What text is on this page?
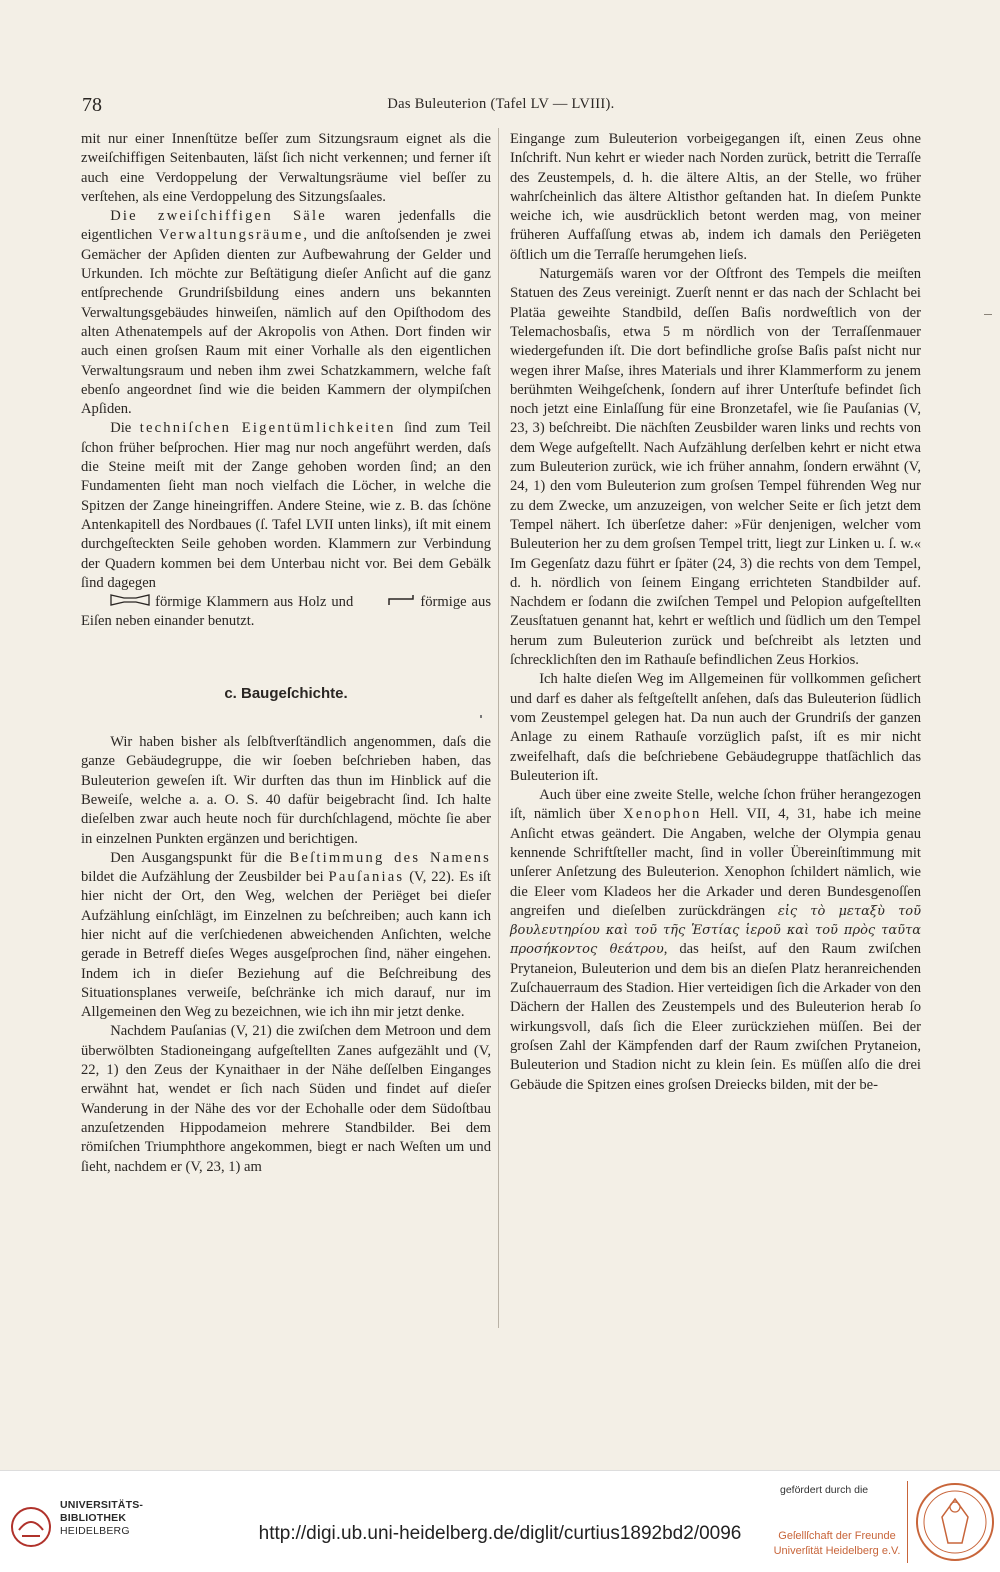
78	Das Buleuterion (Tafel LV — LVIII).

mit nur einer Innenſtütze beſſer zum Sitzungsraum eignet als die zweiſchiffigen Seitenbauten, läſst ſich nicht verkennen; und ferner iſt auch eine Verdoppelung der Verwaltungsräume viel beſſer zu verſtehen, als eine Verdoppelung des Sitzungsſaales.

Die zweiſchiffigen Säle waren jedenfalls die eigentlichen Verwaltungsräume, und die anſtoſsenden je zwei Gemächer der Apſiden dienten zur Aufbewahrung der Gelder und Urkunden. Ich möchte zur Beſtätigung dieſer Anſicht auf die ganz entſprechende Grundriſsbildung eines andern uns bekannten Verwaltungsgebäudes hinweiſen, nämlich auf den Opiſthodom des alten Athenatempels auf der Akropolis von Athen. Dort finden wir auch einen groſsen Raum mit einer Vorhalle als den eigentlichen Verwaltungsraum und neben ihm zwei Schatzkammern, welche faſt ebenſo angeordnet ſind wie die beiden Kammern der olympiſchen Apſiden.

Die techniſchen Eigentümlichkeiten ſind zum Teil ſchon früher beſprochen. Hier mag nur noch angeführt werden, daſs die Steine meiſt mit der Zange gehoben worden ſind; an den Fundamenten ſieht man noch vielfach die Löcher, in welche die Spitzen der Zange hineingriffen. Andere Steine, wie z. B. das ſchöne Antenkapitell des Nordbaues (ſ. Tafel LVII unten links), iſt mit einem durchgeſteckten Seile gehoben worden. Klammern zur Verbindung der Quadern kommen bei dem Unterbau nicht vor. Bei dem Gebälk ſind dagegen
förmige Klammern aus Holz und	förmige aus Eiſen neben einander benutzt.

c. Baugeſchichte.

Wir haben bisher als ſelbſtverſtändlich angenommen, daſs die ganze Gebäudegruppe, die wir ſoeben beſchrieben haben, das Buleuterion geweſen iſt. Wir durften das thun im Hinblick auf die Beweiſe, welche a. a. O. S. 40 dafür beigebracht ſind. Ich halte dieſelben zwar auch heute noch für durchſchlagend, möchte ſie aber in einzelnen Punkten ergänzen und berichtigen.

Den Ausgangspunkt für die Beſtimmung des Namens bildet die Aufzählung der Zeusbilder bei Pauſanias (V, 22). Es iſt hier nicht der Ort, den Weg, welchen der Periëget bei dieſer Aufzählung einſchlägt, im Einzelnen zu beſchreiben; auch kann ich hier nicht auf die verſchiedenen abweichenden Anſichten, welche gerade in Betreff dieſes Weges ausgeſprochen ſind, näher eingehen. Indem ich in dieſer Beziehung auf die Beſchreibung des Situationsplanes verweiſe, beſchränke ich mich darauf, nur im Allgemeinen den Weg zu bezeichnen, wie ich ihn mir jetzt denke.

Nachdem Pauſanias (V, 21) die zwiſchen dem Metroon und dem überwölbten Stadioneingang aufgeſtellten Zanes aufgezählt und (V, 22, 1) den Zeus der Kynaithaer in der Nähe deſſelben Einganges erwähnt hat, wendet er ſich nach Süden und findet auf dieſer Wanderung in der Nähe des vor der Echohalle oder dem Südoſtbau anzuſetzenden Hippodameion mehrere Standbilder. Bei dem römiſchen Triumphthore angekommen, biegt er nach Weſten um und ſieht, nachdem er (V, 23, 1) am

Eingange zum Buleuterion vorbeigegangen iſt, einen Zeus ohne Inſchrift. Nun kehrt er wieder nach Norden zurück, betritt die Terraſſe des Zeustempels, d. h. die ältere Altis, an der Stelle, wo früher wahrſcheinlich das ältere Altisthor geſtanden hat. In dieſem Punkte weiche ich, wie ausdrücklich betont werden mag, von meiner früheren Auffaſſung etwas ab, indem ich damals den Periëgeten öſtlich um die Terraſſe herumgehen lieſs.

Naturgemäſs waren vor der Oſtfront des Tempels die meiſten Statuen des Zeus vereinigt. Zuerſt nennt er das nach der Schlacht bei Platäa geweihte Standbild, deſſen Baſis nordweſtlich von der Telemachosbaſis, etwa 5 m nördlich von der Terraſſenmauer wiedergefunden iſt. Die dort befindliche groſse Baſis paſst nicht nur wegen ihrer Maſse, ihres Materials und ihrer Klammerform zu jenem berühmten Weihgeſchenk, ſondern auf ihrer Unterſtufe befindet ſich noch jetzt eine Einlaſſung für eine Bronzetafel, wie ſie Pauſanias (V, 23, 3) beſchreibt. Die nächſten Zeusbilder waren links und rechts von dem Wege aufgeſtellt. Nach Aufzählung derſelben kehrt er nicht etwa zum Buleuterion zurück, wie ich früher annahm, ſondern erwähnt (V, 24, 1) den vom Buleuterion zum groſsen Tempel führenden Weg nur zu dem Zwecke, um anzuzeigen, von welcher Seite er ſich jetzt dem Tempel nähert. Ich überſetze daher: »Für denjenigen, welcher vom Buleuterion her zu dem groſsen Tempel tritt, liegt zur Linken u. ſ. w.« Im Gegenſatz dazu führt er ſpäter (24, 3) die rechts von dem Tempel, d. h. nördlich von ſeinem Eingang errichteten Standbilder auf. Nachdem er ſodann die zwiſchen Tempel und Pelopion aufgeſtellten Zeusſtatuen genannt hat, kehrt er weſtlich und ſüdlich um den Tempel herum zum Buleuterion zurück und beſchreibt als letzten und ſchrecklichſten den im Rathauſe befindlichen Zeus Horkios.

Ich halte dieſen Weg im Allgemeinen für vollkommen geſichert und darf es daher als feſtgeſtellt anſehen, daſs das Buleuterion ſüdlich vom Zeustempel gelegen hat. Da nun auch der Grundriſs der ganzen Anlage zu einem Rathauſe vorzüglich paſst, iſt es mir nicht zweifelhaft, daſs die beſchriebene Gebäudegruppe thatſächlich das Buleuterion iſt.

Auch über eine zweite Stelle, welche ſchon früher herangezogen iſt, nämlich über Xenophon Hell. VII, 4, 31, habe ich meine Anſicht etwas geändert. Die Angaben, welche der Olympia genau kennende Schriftſteller macht, ſind in voller Übereinſtimmung mit unſerer Anſetzung des Buleuterion. Xenophon ſchildert nämlich, wie die Eleer vom Kladeos her die Arkader und deren Bundesgenoſſen angreifen und dieſelben zurückdrängen εἰς τὸ μεταξὺ τοῦ βουλευτηρίου καὶ τοῦ τῆς Ἑστίας ἱεροῦ καὶ τοῦ πρὸς ταῦτα προσήκοντος θεάτρου, das heiſst, auf den Raum zwiſchen Prytaneion, Buleuterion und dem bis an dieſen Platz heranreichenden Zuſchauerraum des Stadion. Hier verteidigen ſich die Arkader von den Dächern der Hallen des Zeustempels und des Buleuterion herab ſo wirkungsvoll, daſs ſich die Eleer zurückziehen müſſen. Bei der groſsen Zahl der Kämpfenden darf der Raum zwiſchen Prytaneion, Buleuterion und Stadion nicht zu klein ſein. Es müſſen alſo die drei Gebäude die Spitzen eines groſsen Dreiecks bilden, mit der be-

UNIVERSITÄTS-
BIBLIOTHEK
HEIDELBERG	http://digi.ub.uni-heidelberg.de/diglit/curtius1892bd2/0096
gefördert durch die
Geſellſchaft der Freunde
Univerſität Heidelberg e.V.
